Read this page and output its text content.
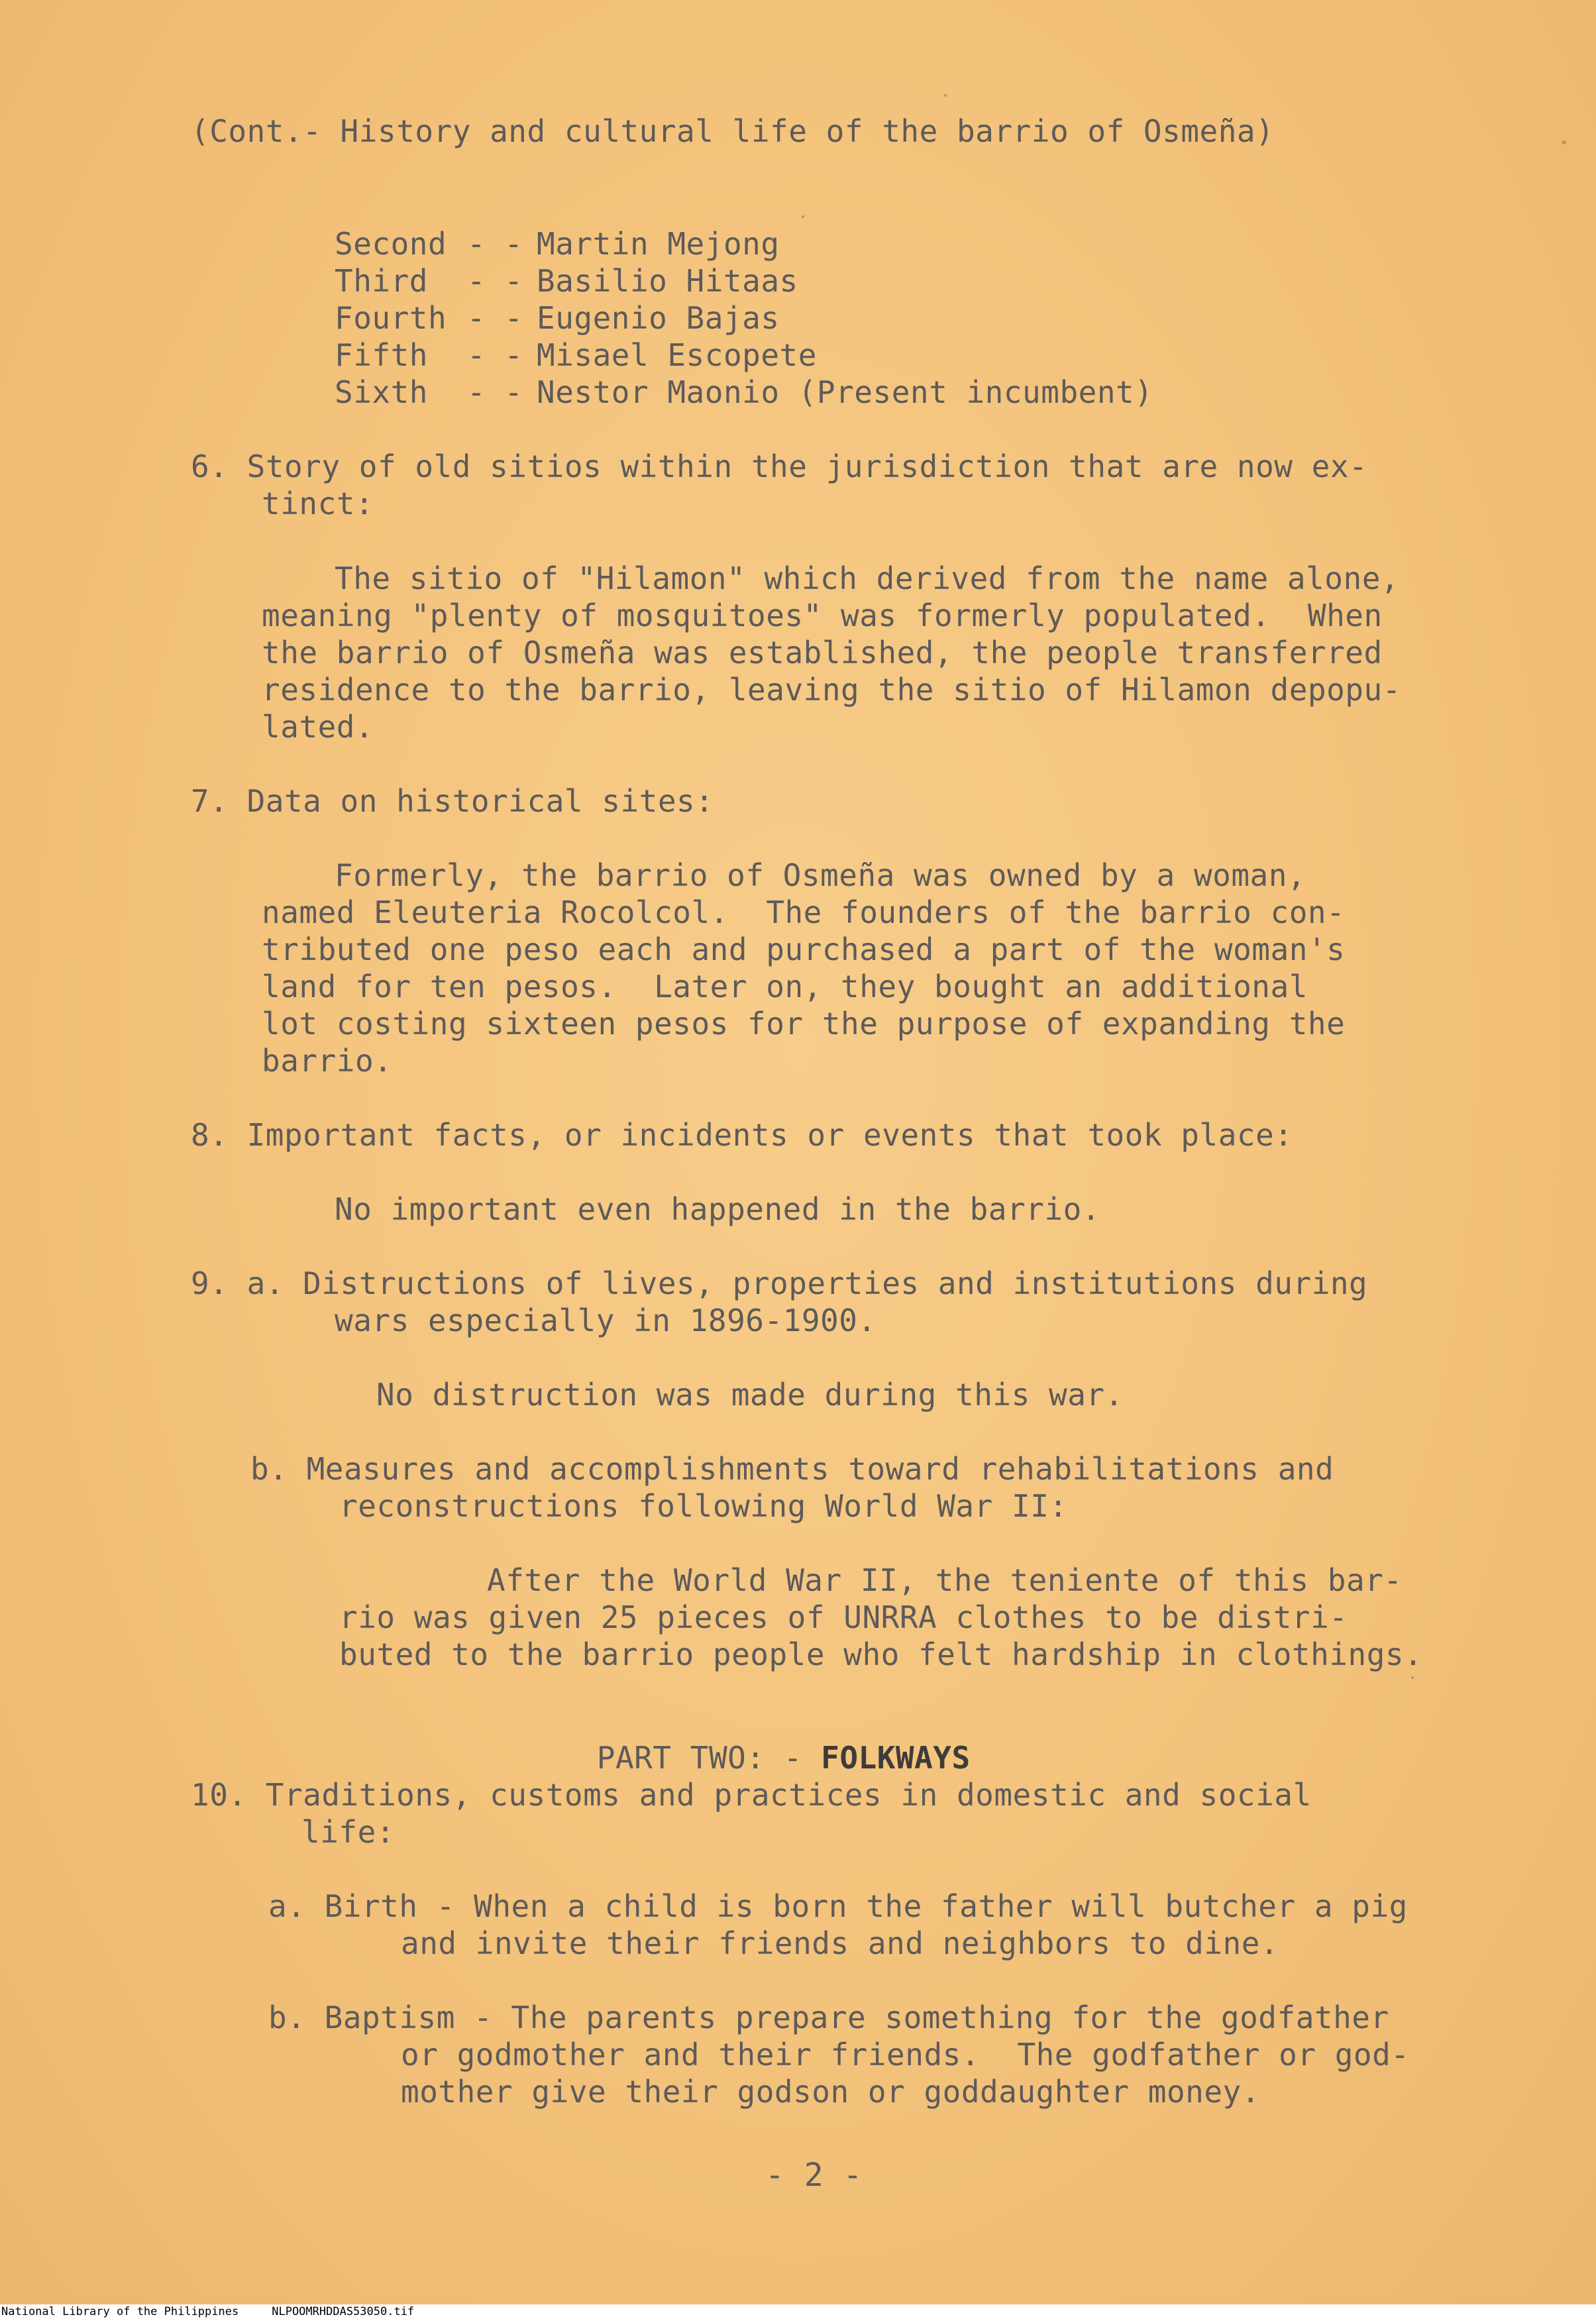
(Cont.- History and cultural life of the barrio of Osmeña)
Second - - Martin Mejong
Third - - Basilio Hitaas
Fourth - - Eugenio Bajas
Fifth - - Misael Escopete
Sixth - - Nestor Maonio (Present incumbent)
6. Story of old sitios within the jurisdiction that are now ex-
tinct:
The sitio of "Hilamon" which derived from the name alone,
meaning "plenty of mosquitoes" was formerly populated.  When
the barrio of Osmeña was established, the people transferred
residence to the barrio, leaving the sitio of Hilamon depopu-
lated.
7. Data on historical sites:
Formerly, the barrio of Osmeña was owned by a woman,
named Eleuteria Rocolcol.  The founders of the barrio con-
tributed one peso each and purchased a part of the woman's
land for ten pesos.  Later on, they bought an additional
lot costing sixteen pesos for the purpose of expanding the
barrio.
8. Important facts, or incidents or events that took place:
No important even happened in the barrio.
9. a. Distructions of lives, properties and institutions during
wars especially in 1896-1900.
No distruction was made during this war.
b. Measures and accomplishments toward rehabilitations and
reconstructions following World War II:
After the World War II, the teniente of this bar-
rio was given 25 pieces of UNRRA clothes to be distri-
buted to the barrio people who felt hardship in clothings.

PART TWO: - FOLKWAYS

10. Traditions, customs and practices in domestic and social
life:
a. Birth - When a child is born the father will butcher a pig
and invite their friends and neighbors to dine.
b. Baptism - The parents prepare something for the godfather
or godmother and their friends.  The godfather or god-
mother give their godson or goddaughter money.
- 2 -
National Library of the Philippines	NLPOOMRHDDAS53050.tif
